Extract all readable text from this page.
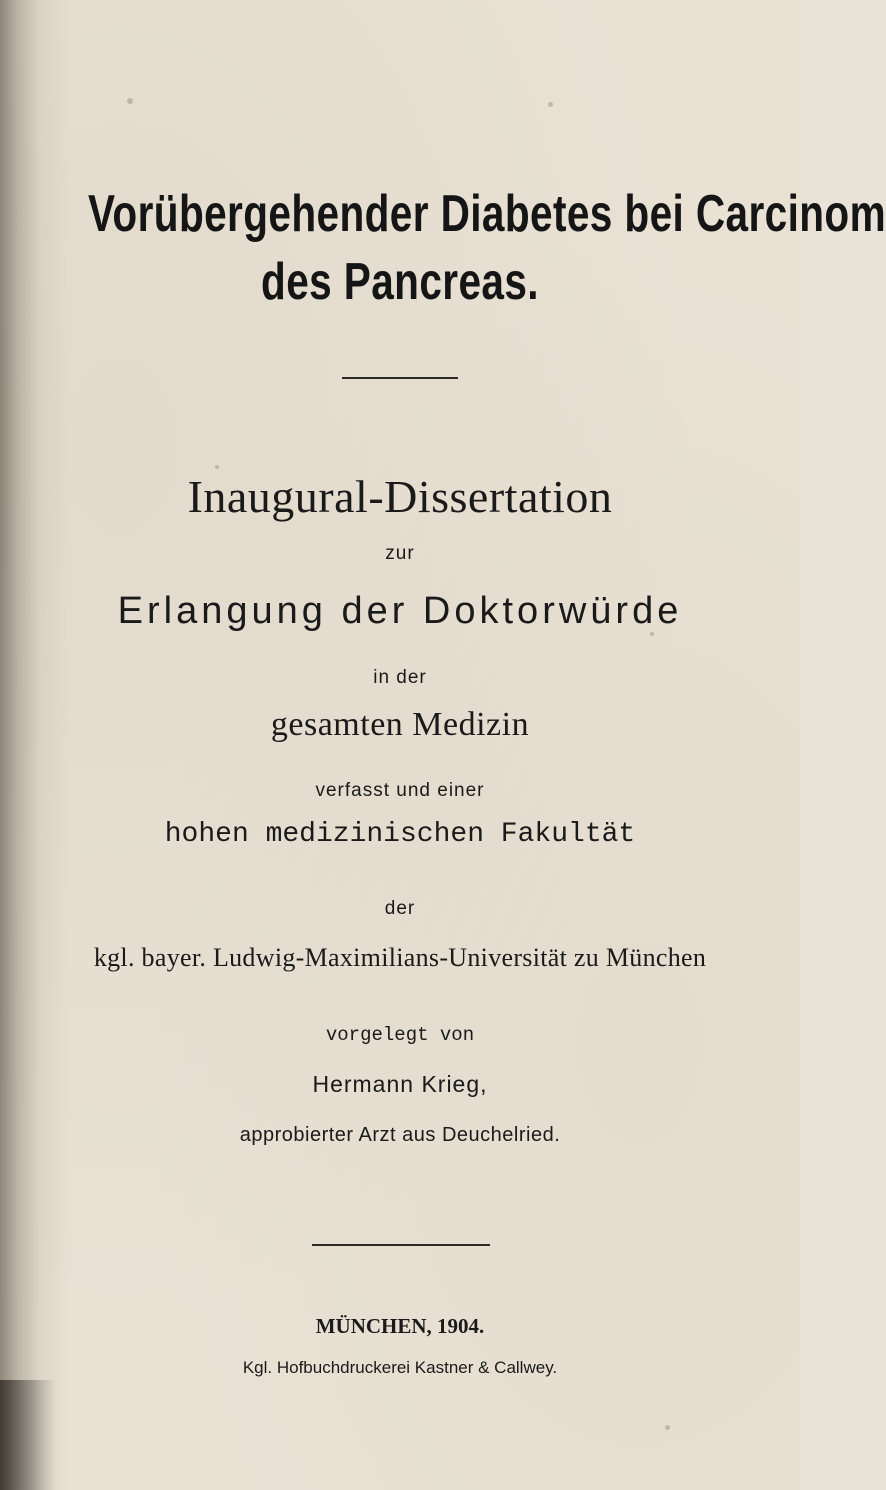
Vorübergehender Diabetes bei Carcinom
des Pancreas.
Inaugural-Dissertation
zur
Erlangung der Doktorwürde
in der
gesamten Medizin
verfasst und einer
hohen medizinischen Fakultät
der
kgl. bayer. Ludwig-Maximilians-Universität zu München
vorgelegt von
Hermann Krieg,
approbierter Arzt aus Deuchelried.
MÜNCHEN, 1904.
Kgl. Hofbuchdruckerei Kastner & Callwey.
